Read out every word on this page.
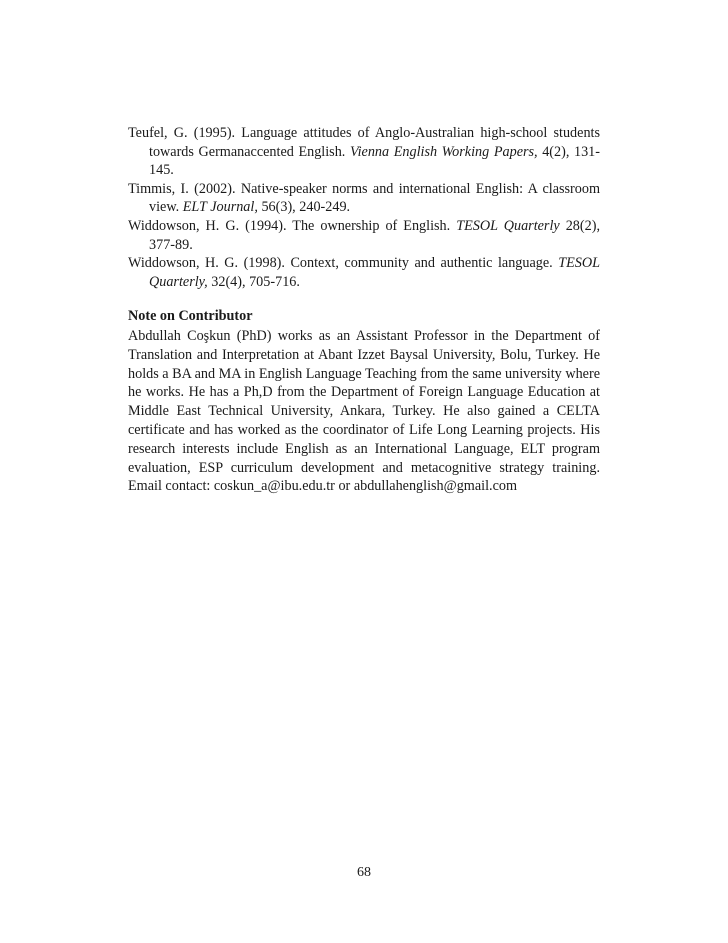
Teufel, G. (1995). Language attitudes of Anglo-Australian high-school students towards Germanaccented English. Vienna English Working Papers, 4(2), 131-145.

Timmis, I. (2002). Native-speaker norms and international English: A classroom view. ELT Journal, 56(3), 240-249.

Widdowson, H. G. (1994). The ownership of English. TESOL Quarterly 28(2), 377-89.

Widdowson, H. G. (1998). Context, community and authentic language. TESOL Quarterly, 32(4), 705-716.

Note on Contributor

Abdullah Coşkun (PhD) works as an Assistant Professor in the Department of Translation and Interpretation at Abant Izzet Baysal University, Bolu, Turkey. He holds a BA and MA in English Language Teaching from the same university where he works. He has a Ph,D from the Department of Foreign Language Education at Middle East Technical University, Ankara, Turkey. He also gained a CELTA certificate and has worked as the coordinator of Life Long Learning projects. His research interests include English as an International Language, ELT program evaluation, ESP curriculum development and metacognitive strategy training. Email contact: coskun_a@ibu.edu.tr or abdullahenglish@gmail.com

68
